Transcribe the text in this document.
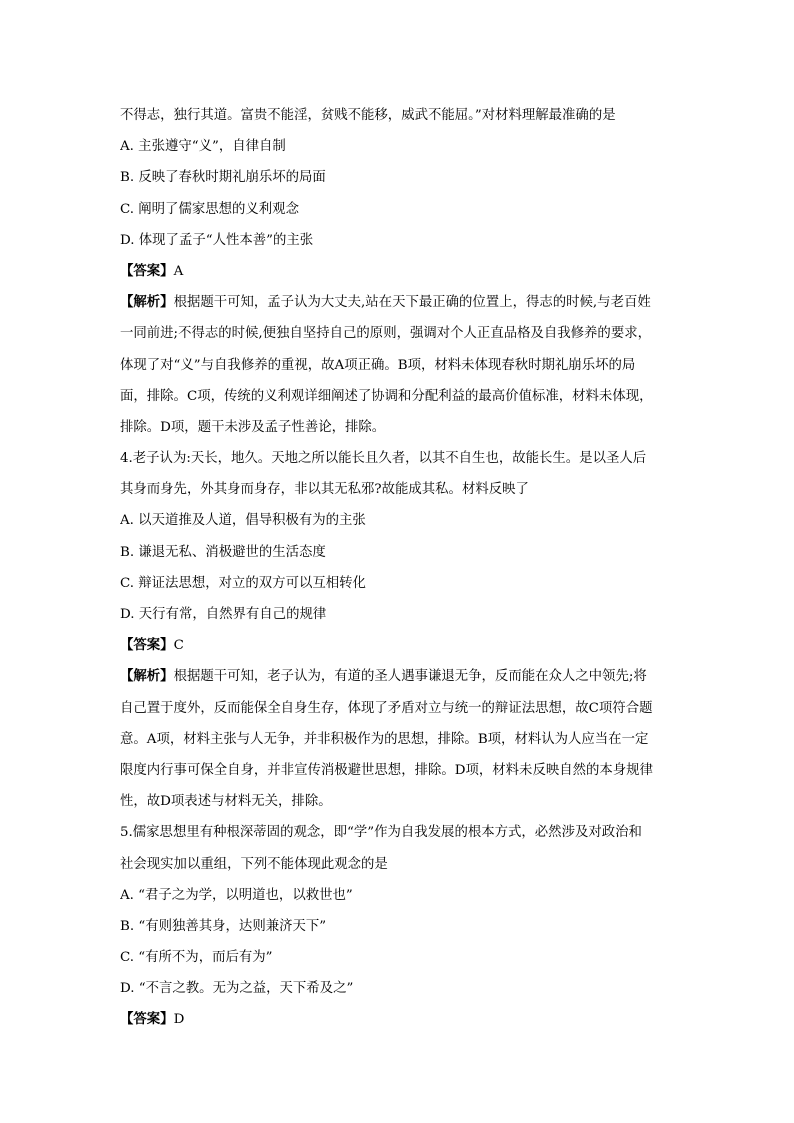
不得志，独行其道。富贵不能淫，贫贱不能移，威武不能屈。”对材料理解最准确的是
A. 主张遵守“义”，自律自制
B. 反映了春秋时期礼崩乐坏的局面
C. 阐明了儒家思想的义利观念
D. 体现了孟子“人性本善”的主张
【答案】A
【解析】根据题干可知，孟子认为大丈夫,站在天下最正确的位置上，得志的时候,与老百姓
一同前进;不得志的时候,便独自坚持自己的原则，强调对个人正直品格及自我修养的要求，
体现了对“义”与自我修养的重视，故A项正确。B项，材料未体现春秋时期礼崩乐坏的局
面，排除。C项，传统的义利观详细阐述了协调和分配利益的最高价值标准，材料未体现，
排除。D项，题干未涉及孟子性善论，排除。
4.老子认为:天长，地久。天地之所以能长且久者，以其不自生也，故能长生。是以圣人后
其身而身先，外其身而身存，非以其无私邪?故能成其私。材料反映了
A. 以天道推及人道，倡导积极有为的主张
B. 谦退无私、消极避世的生活态度
C. 辩证法思想，对立的双方可以互相转化
D. 天行有常，自然界有自己的规律
【答案】C
【解析】根据题干可知，老子认为，有道的圣人遇事谦退无争，反而能在众人之中领先;将
自己置于度外，反而能保全自身生存，体现了矛盾对立与统一的辩证法思想，故C项符合题
意。A项，材料主张与人无争，并非积极作为的思想，排除。B项，材料认为人应当在一定
限度内行事可保全自身，并非宣传消极避世思想，排除。D项，材料未反映自然的本身规律
性，故D项表述与材料无关，排除。
5.儒家思想里有种根深蒂固的观念，即“学”作为自我发展的根本方式，必然涉及对政治和
社会现实加以重组，下列不能体现此观念的是
A. “君子之为学，以明道也，以救世也”
B. “有则独善其身，达则兼济天下”
C. “有所不为，而后有为”
D. “不言之教。无为之益，天下希及之”
【答案】D
